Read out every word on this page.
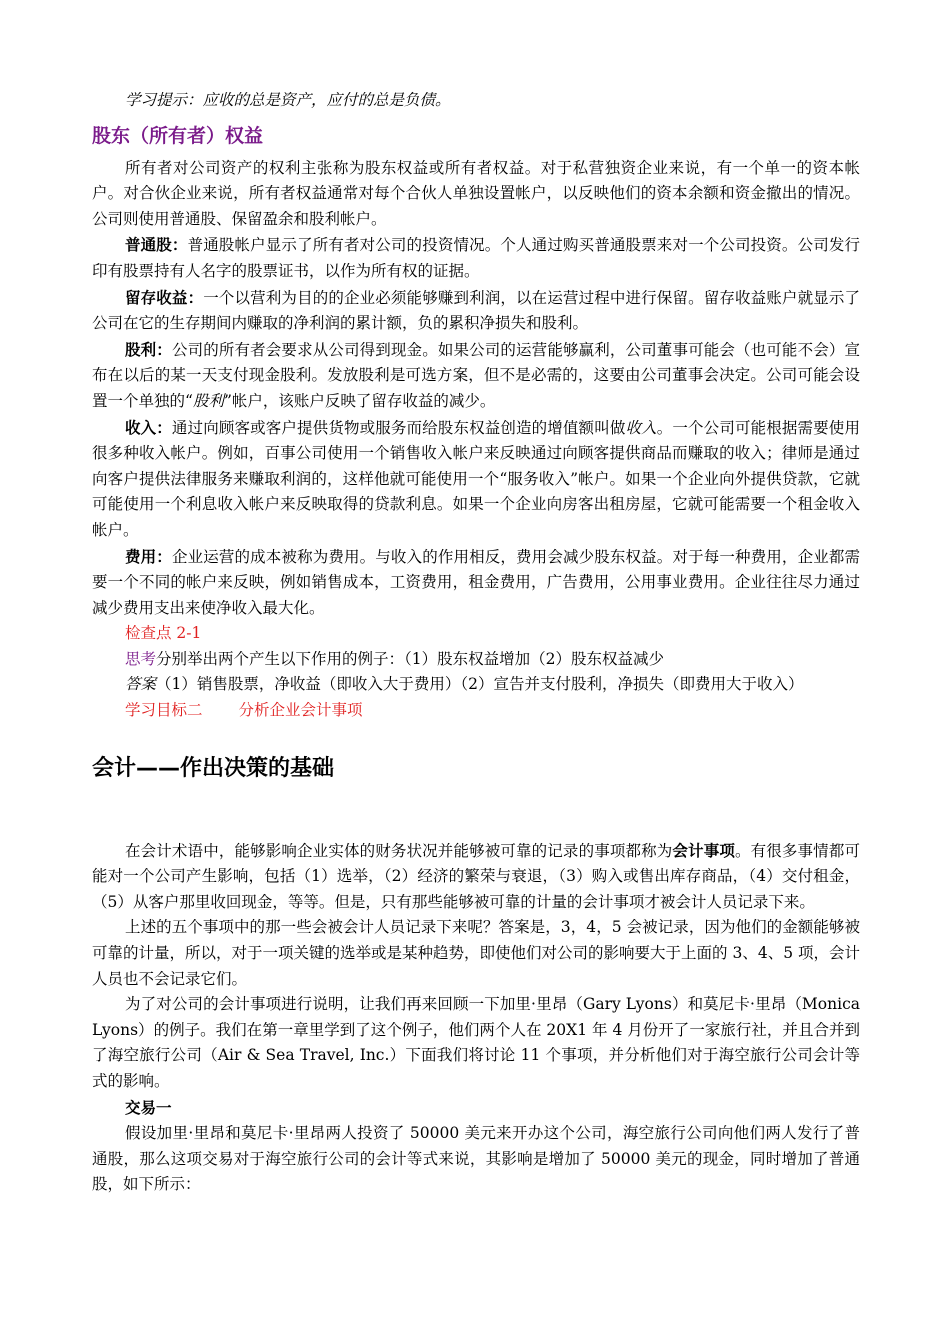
学习提示：应收的总是资产，应付的总是负债。

股东（所有者）权益

所有者对公司资产的权利主张称为股东权益或所有者权益。对于私营独资企业来说，有一个单一的资本帐户。对合伙企业来说，所有者权益通常对每个合伙人单独设置帐户，以反映他们的资本余额和资金撤出的情况。公司则使用普通股、保留盈余和股利帐户。

普通股：普通股帐户显示了所有者对公司的投资情况。个人通过购买普通股票来对一个公司投资。公司发行印有股票持有人名字的股票证书，以作为所有权的证据。

留存收益：一个以营利为目的的企业必须能够赚到利润，以在运营过程中进行保留。留存收益账户就显示了公司在它的生存期间内赚取的净利润的累计额，负的累积净损失和股利。

股利：公司的所有者会要求从公司得到现金。如果公司的运营能够赢利，公司董事可能会（也可能不会）宣布在以后的某一天支付现金股利。发放股利是可选方案，但不是必需的，这要由公司董事会决定。公司可能会设置一个单独的“股利”帐户，该账户反映了留存收益的减少。

收入：通过向顾客或客户提供货物或服务而给股东权益创造的增值额叫做收入。一个公司可能根据需要使用很多种收入帐户。例如，百事公司使用一个销售收入帐户来反映通过向顾客提供商品而赚取的收入；律师是通过向客户提供法律服务来赚取利润的，这样他就可能使用一个“服务收入”帐户。如果一个企业向外提供贷款，它就可能使用一个利息收入帐户来反映取得的贷款利息。如果一个企业向房客出租房屋，它就可能需要一个租金收入帐户。

费用：企业运营的成本被称为费用。与收入的作用相反，费用会减少股东权益。对于每一种费用，企业都需要一个不同的帐户来反映，例如销售成本，工资费用，租金费用，广告费用，公用事业费用。企业往往尽力通过减少费用支出来使净收入最大化。

检查点 2-1

思考分别举出两个产生以下作用的例子：（1）股东权益增加（2）股东权益减少

答案（1）销售股票，净收益（即收入大于费用）（2）宣告并支付股利，净损失（即费用大于收入）

学习目标二 分析企业会计事项

会计——作出决策的基础

在会计术语中，能够影响企业实体的财务状况并能够被可靠的记录的事项都称为会计事项。有很多事情都可能对一个公司产生影响，包括（1）选举，（2）经济的繁荣与衰退，（3）购入或售出库存商品，（4）交付租金，（5）从客户那里收回现金，等等。但是，只有那些能够被可靠的计量的会计事项才被会计人员记录下来。

上述的五个事项中的那一些会被会计人员记录下来呢？答案是，3，4，5 会被记录，因为他们的金额能够被可靠的计量，所以，对于一项关键的选举或是某种趋势，即使他们对公司的影响要大于上面的 3、4、5 项，会计人员也不会记录它们。

为了对公司的会计事项进行说明，让我们再来回顾一下加里·里昂（Gary Lyons）和莫尼卡·里昂（Monica Lyons）的例子。我们在第一章里学到了这个例子，他们两个人在 20X1 年 4 月份开了一家旅行社，并且合并到了海空旅行公司（Air & Sea Travel, Inc.）下面我们将讨论 11 个事项，并分析他们对于海空旅行公司会计等式的影响。

交易一

假设加里·里昂和莫尼卡·里昂两人投资了 50000 美元来开办这个公司，海空旅行公司向他们两人发行了普通股，那么这项交易对于海空旅行公司的会计等式来说，其影响是增加了 50000 美元的现金，同时增加了普通股，如下所示：
